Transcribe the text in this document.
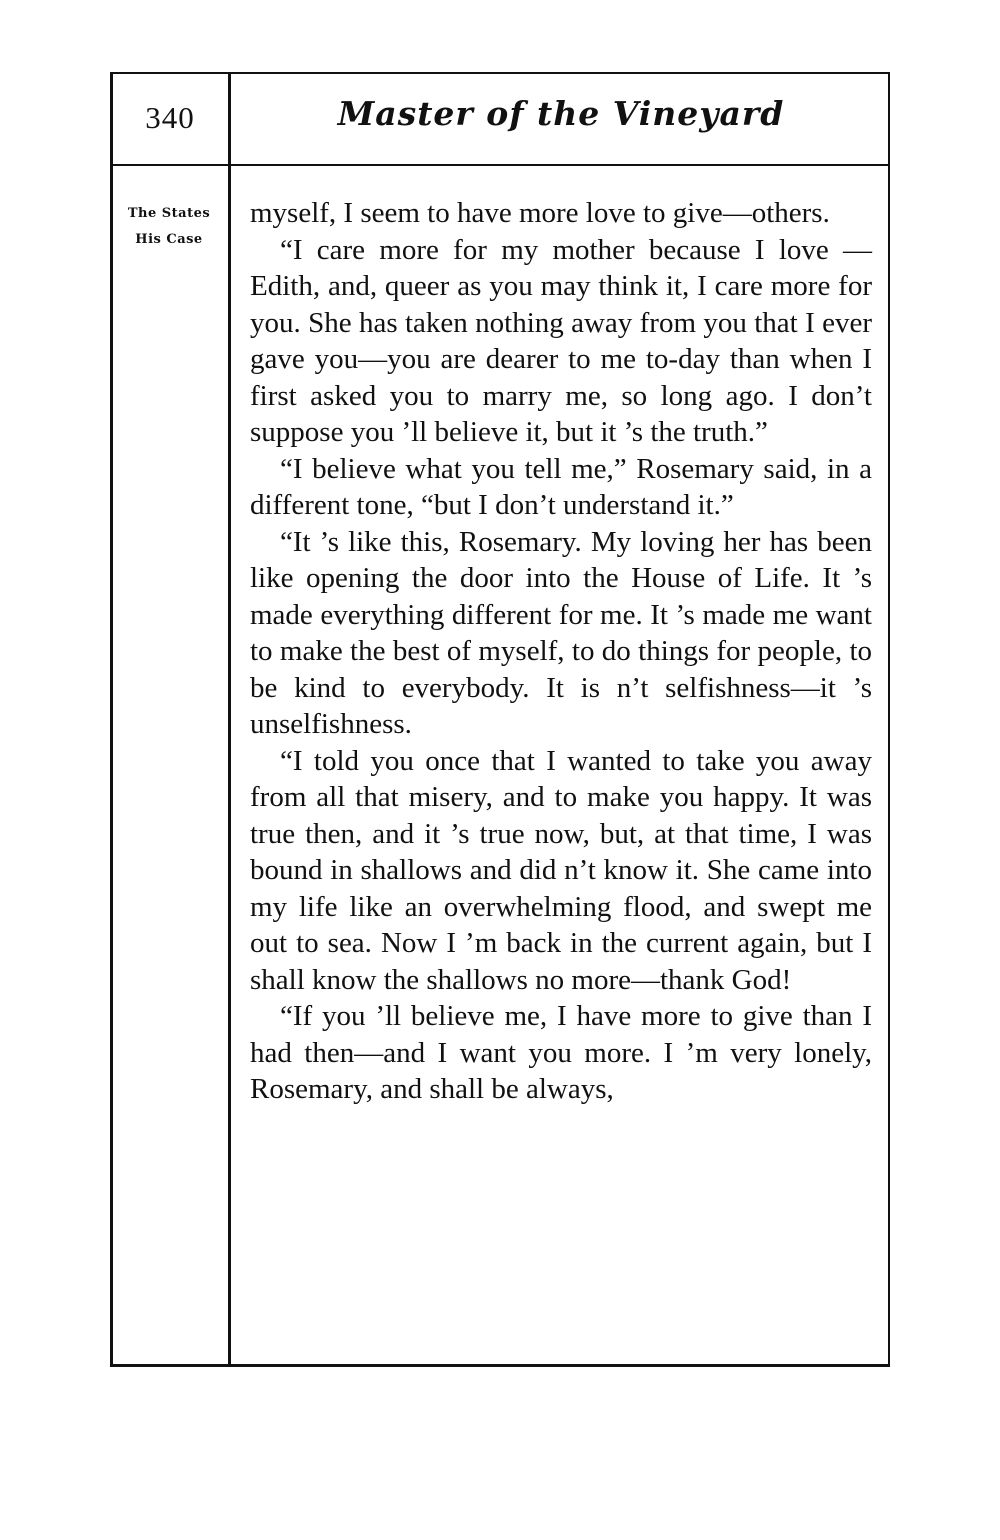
340	Master of the Vineyard
The States
His Case

myself, I seem to have more love to give—others.

“I care more for my mother because I love —Edith, and, queer as you may think it, I care more for you. She has taken nothing away from you that I ever gave you—you are dearer to me to-day than when I first asked you to marry me, so long ago. I don’t suppose you ’ll believe it, but it ’s the truth.”

“I believe what you tell me,” Rosemary said, in a different tone, “but I don’t understand it.”

“It ’s like this, Rosemary. My loving her has been like opening the door into the House of Life. It ’s made everything different for me. It ’s made me want to make the best of myself, to do things for people, to be kind to everybody. It is n’t selfishness—it ’s unselfishness.

“I told you once that I wanted to take you away from all that misery, and to make you happy. It was true then, and it ’s true now, but, at that time, I was bound in shallows and did n’t know it. She came into my life like an overwhelming flood, and swept me out to sea. Now I ’m back in the current again, but I shall know the shallows no more—thank God!

“If you ’ll believe me, I have more to give than I had then—and I want you more. I ’m very lonely, Rosemary, and shall be always,
